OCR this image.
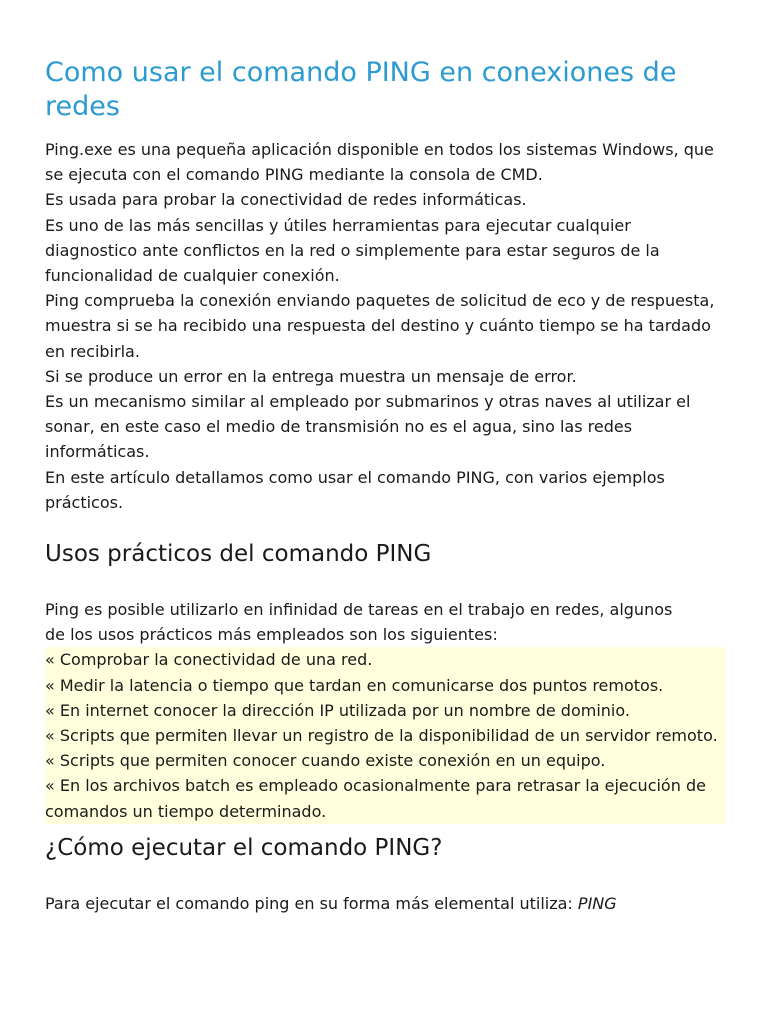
Como usar el comando PING en conexiones de redes

Ping.exe es una pequeña aplicación disponible en todos los sistemas Windows, que se ejecuta con el comando PING mediante la consola de CMD.

Es usada para probar la conectividad de redes informáticas.

Es uno de las más sencillas y útiles herramientas para ejecutar cualquier diagnostico ante conflictos en la red o simplemente para estar seguros de la funcionalidad de cualquier conexión.

Ping comprueba la conexión enviando paquetes de solicitud de eco y de respuesta, muestra si se ha recibido una respuesta del destino y cuánto tiempo se ha tardado en recibirla.

Si se produce un error en la entrega muestra un mensaje de error.

Es un mecanismo similar al empleado por submarinos y otras naves al utilizar el sonar, en este caso el medio de transmisión no es el agua, sino las redes informáticas.

En este artículo detallamos como usar el comando PING, con varios ejemplos prácticos.

Usos prácticos del comando PING

Ping es posible utilizarlo en infinidad de tareas en el trabajo en redes, algunos

de los usos prácticos más empleados son los siguientes:

« Comprobar la conectividad de una red.

« Medir la latencia o tiempo que tardan en comunicarse dos puntos remotos.

« En internet conocer la dirección IP utilizada por un nombre de dominio.

« Scripts que permiten llevar un registro de la disponibilidad de un servidor remoto.

« Scripts que permiten conocer cuando existe conexión en un equipo.

« En los archivos batch es empleado ocasionalmente para retrasar la ejecución de comandos un tiempo determinado.

¿Cómo ejecutar el comando PING?

Para ejecutar el comando ping en su forma más elemental utiliza: PING
